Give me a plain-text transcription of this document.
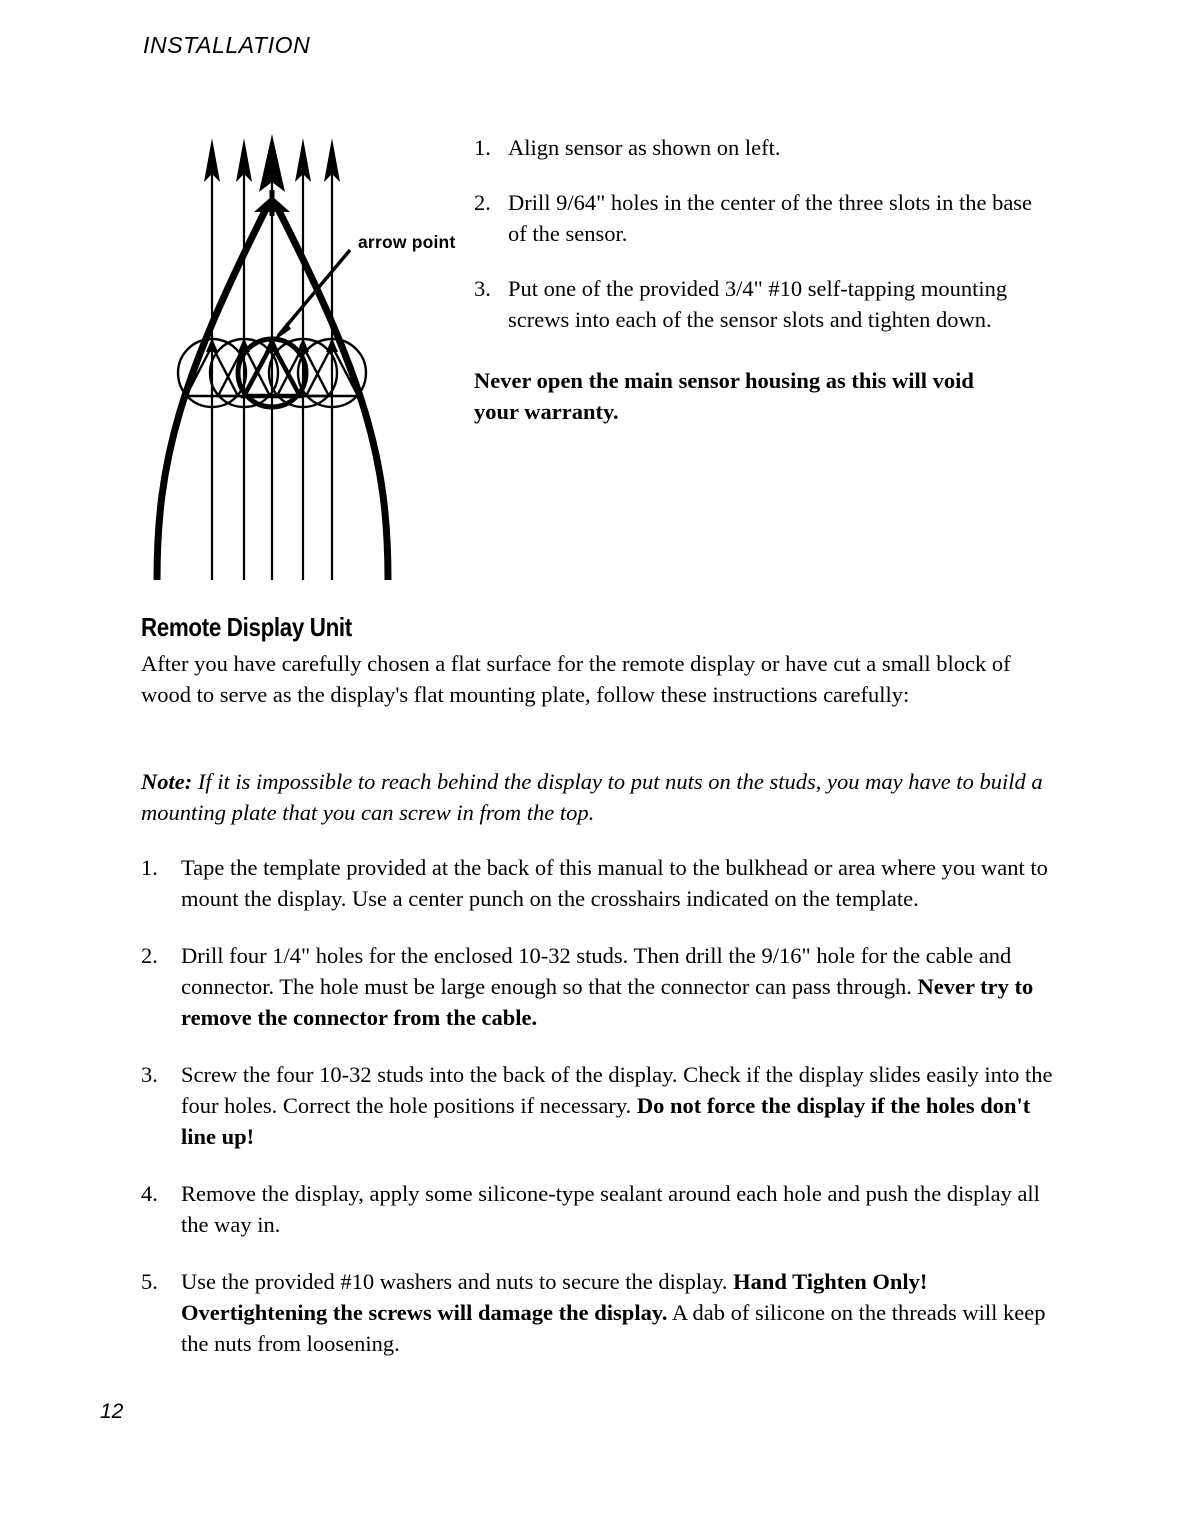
INSTALLATION
arrow point
1. Align sensor as shown on left.
2. Drill 9/64" holes in the center of the three slots in the base of the sensor.
3. Put one of the provided 3/4" #10 self-tapping mounting screws into each of the sensor slots and tighten down.
Never open the main sensor housing as this will void your warranty.
Remote Display Unit
After you have carefully chosen a flat surface for the remote display or have cut a small block of wood to serve as the display's flat mounting plate, follow these instructions carefully:
Note: If it is impossible to reach behind the display to put nuts on the studs, you may have to build a mounting plate that you can screw in from the top.
1. Tape the template provided at the back of this manual to the bulkhead or area where you want to mount the display. Use a center punch on the crosshairs indicated on the template.
2. Drill four 1/4" holes for the enclosed 10-32 studs. Then drill the 9/16" hole for the cable and connector. The hole must be large enough so that the connector can pass through. Never try to remove the connector from the cable.
3. Screw the four 10-32 studs into the back of the display. Check if the display slides easily into the four holes. Correct the hole positions if necessary. Do not force the display if the holes don't line up!
4. Remove the display, apply some silicone-type sealant around each hole and push the display all the way in.
5. Use the provided #10 washers and nuts to secure the display. Hand Tighten Only! Overtightening the screws will damage the display. A dab of silicone on the threads will keep the nuts from loosening.
12
